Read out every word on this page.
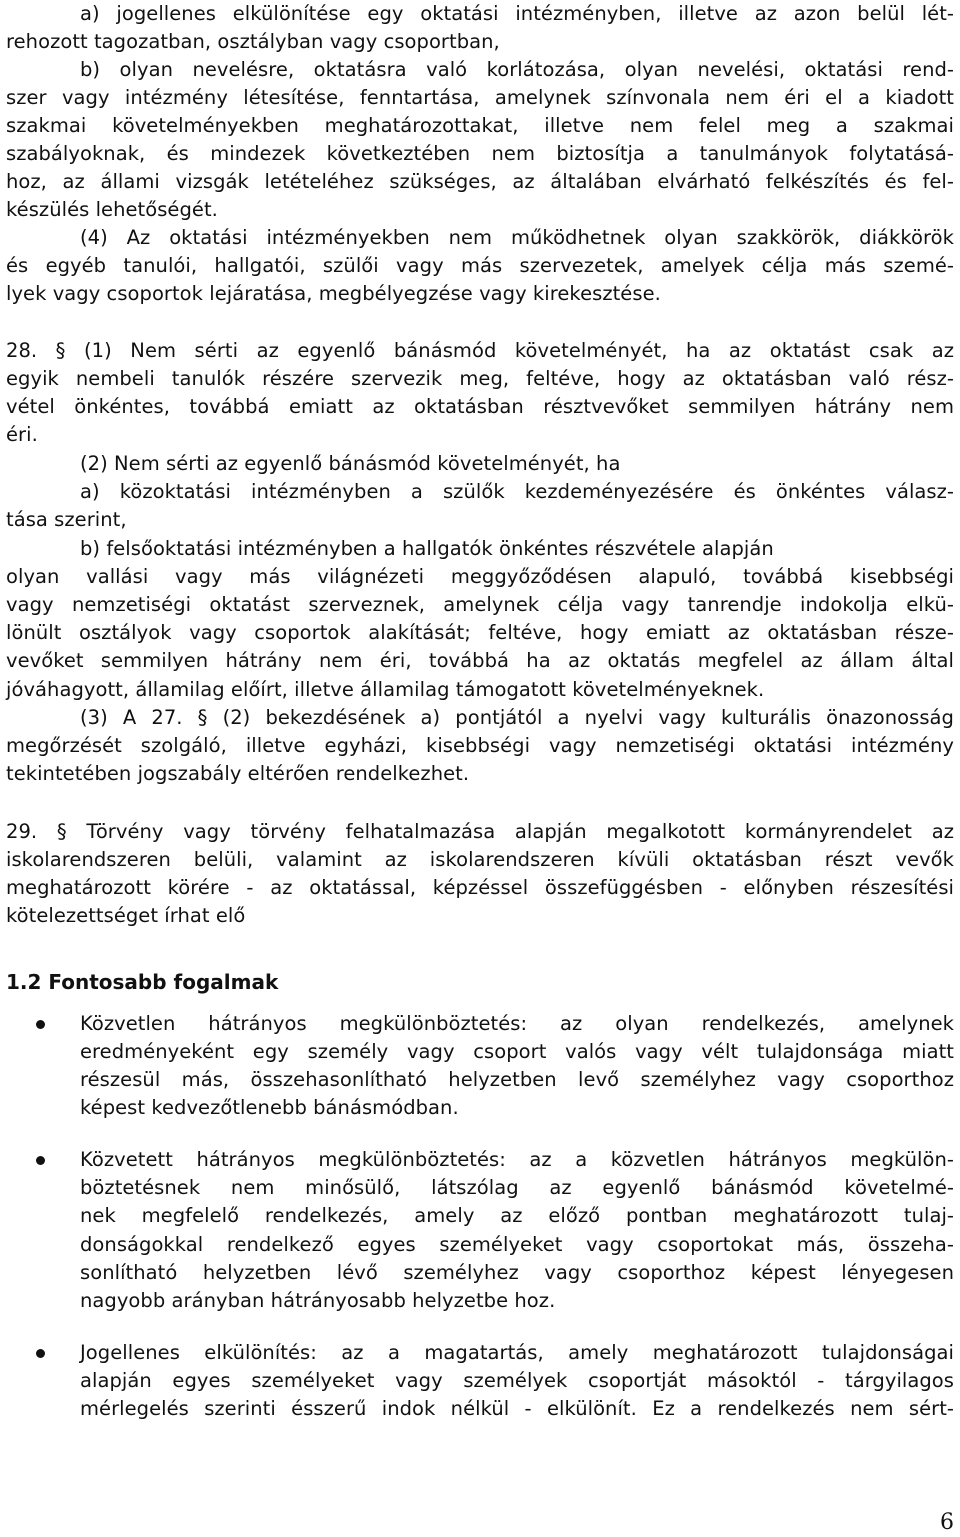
a) jogellenes elkülönítése egy oktatási intézményben, illetve az azon belül lét-
rehozott tagozatban, osztályban vagy csoportban,
b) olyan nevelésre, oktatásra való korlátozása, olyan nevelési, oktatási rend-
szer vagy intézmény létesítése, fenntartása, amelynek színvonala nem éri el a kiadott
szakmai követelményekben meghatározottakat, illetve nem felel meg a szakmai
szabályoknak, és mindezek következtében nem biztosítja a tanulmányok folytatásá-
hoz, az állami vizsgák letételéhez szükséges, az általában elvárható felkészítés és fel-
készülés lehetőségét.
(4) Az oktatási intézményekben nem működhetnek olyan szakkörök, diákkörök
és egyéb tanulói, hallgatói, szülői vagy más szervezetek, amelyek célja más szemé-
lyek vagy csoportok lejáratása, megbélyegzése vagy kirekesztése.
28. § (1) Nem sérti az egyenlő bánásmód követelményét, ha az oktatást csak az
egyik nembeli tanulók részére szervezik meg, feltéve, hogy az oktatásban való rész-
vétel önkéntes, továbbá emiatt az oktatásban résztvevőket semmilyen hátrány nem
éri.
(2) Nem sérti az egyenlő bánásmód követelményét, ha
a) közoktatási intézményben a szülők kezdeményezésére és önkéntes válasz-
tása szerint,
b) felsőoktatási intézményben a hallgatók önkéntes részvétele alapján
olyan vallási vagy más világnézeti meggyőződésen alapuló, továbbá kisebbségi
vagy nemzetiségi oktatást szerveznek, amelynek célja vagy tanrendje indokolja elkü-
lönült osztályok vagy csoportok alakítását; feltéve, hogy emiatt az oktatásban része-
vevőket semmilyen hátrány nem éri, továbbá ha az oktatás megfelel az állam által
jóváhagyott, államilag előírt, illetve államilag támogatott követelményeknek.
(3) A 27. § (2) bekezdésének a) pontjától a nyelvi vagy kulturális önazonosság
megőrzését szolgáló, illetve egyházi, kisebbségi vagy nemzetiségi oktatási intézmény
tekintetében jogszabály eltérően rendelkezhet.
29. § Törvény vagy törvény felhatalmazása alapján megalkotott kormányrendelet az
iskolarendszeren belüli, valamint az iskolarendszeren kívüli oktatásban részt vevők
meghatározott körére - az oktatással, képzéssel összefüggésben - előnyben részesítési
kötelezettséget írhat elő
1.2 Fontosabb fogalmak
Közvetlen hátrányos megkülönböztetés: az olyan rendelkezés, amelynek
eredményeként egy személy vagy csoport valós vagy vélt tulajdonsága miatt
részesül más, összehasonlítható helyzetben levő személyhez vagy csoporthoz
képest kedvezőtlenebb bánásmódban.
Közvetett hátrányos megkülönböztetés: az a közvetlen hátrányos megkülön-
böztetésnek nem minősülő, látszólag az egyenlő bánásmód követelmé-
nek megfelelő rendelkezés, amely az előző pontban meghatározott tulaj-
donságokkal rendelkező egyes személyeket vagy csoportokat más, összeha-
sonlítható helyzetben lévő személyhez vagy csoporthoz képest lényegesen
nagyobb arányban hátrányosabb helyzetbe hoz.
Jogellenes elkülönítés: az a magatartás, amely meghatározott tulajdonságai
alapján egyes személyeket vagy személyek csoportját másoktól - tárgyilagos
mérlegelés szerinti ésszerű indok nélkül - elkülönít. Ez a rendelkezés nem sért-
6
